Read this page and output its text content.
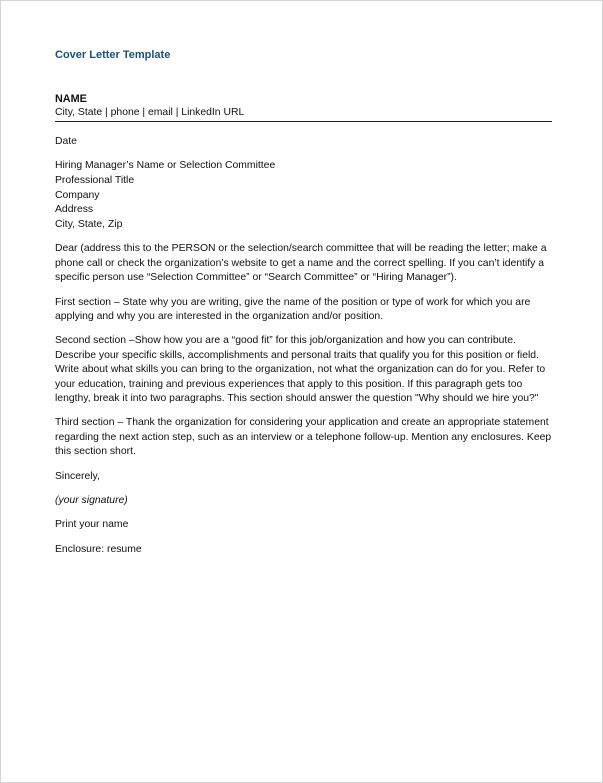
Cover Letter Template
NAME
City, State | phone | email | LinkedIn URL

Date

Hiring Manager’s Name or Selection Committee
Professional Title
Company
Address
City, State, Zip

Dear (address this to the PERSON or the selection/search committee that will be reading the letter; make a phone call or check the organization’s website to get a name and the correct spelling. If you can’t identify a specific person use “Selection Committee” or “Search Committee” or “Hiring Manager”).

First section – State why you are writing, give the name of the position or type of work for which you are applying and why you are interested in the organization and/or position.

Second section –Show how you are a “good fit” for this job/organization and how you can contribute. Describe your specific skills, accomplishments and personal traits that qualify you for this position or field. Write about what skills you can bring to the organization, not what the organization can do for you. Refer to your education, training and previous experiences that apply to this position. If this paragraph gets too lengthy, break it into two paragraphs. This section should answer the question "Why should we hire you?"

Third section – Thank the organization for considering your application and create an appropriate statement regarding the next action step, such as an interview or a telephone follow-up. Mention any enclosures. Keep this section short.

Sincerely,

(your signature)

Print your name

Enclosure: resume
